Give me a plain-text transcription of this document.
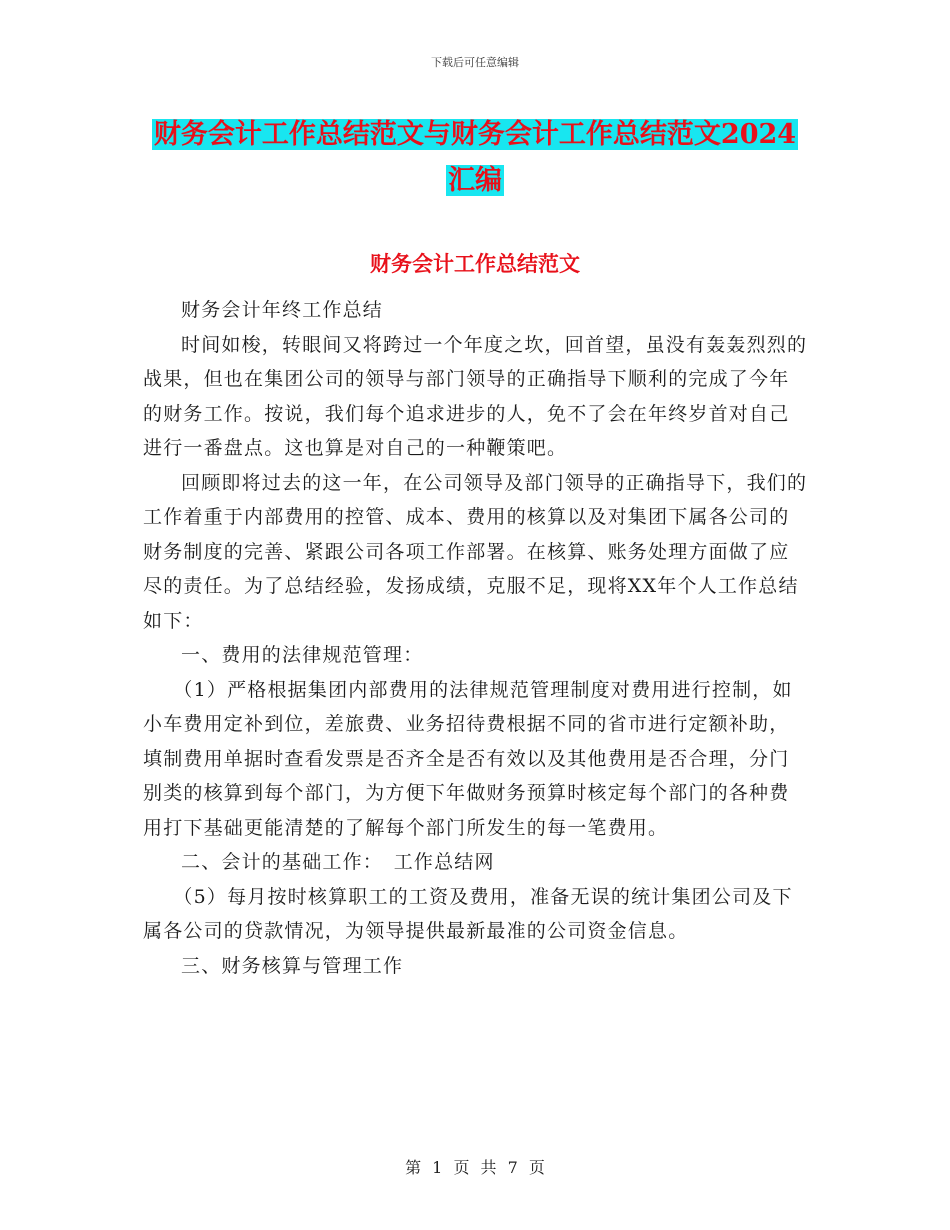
下载后可任意编辑
财务会计工作总结范文与财务会计工作总结范文2024
汇编
财务会计工作总结范文

财务会计年终工作总结

时间如梭，转眼间又将跨过一个年度之坎，回首望，虽没有轰轰烈烈的战果，但也在集团公司的领导与部门领导的正确指导下顺利的完成了今年的财务工作。按说，我们每个追求进步的人，免不了会在年终岁首对自己进行一番盘点。这也算是对自己的一种鞭策吧。

回顾即将过去的这一年，在公司领导及部门领导的正确指导下，我们的工作着重于内部费用的控管、成本、费用的核算以及对集团下属各公司的财务制度的完善、紧跟公司各项工作部署。在核算、账务处理方面做了应尽的责任。为了总结经验，发扬成绩，克服不足，现将XX年个人工作总结如下：

一、费用的法律规范管理：

（1）严格根据集团内部费用的法律规范管理制度对费用进行控制，如小车费用定补到位，差旅费、业务招待费根据不同的省市进行定额补助，填制费用单据时查看发票是否齐全是否有效以及其他费用是否合理，分门别类的核算到每个部门，为方便下年做财务预算时核定每个部门的各种费用打下基础更能清楚的了解每个部门所发生的每一笔费用。

二、会计的基础工作：　工作总结网

（5）每月按时核算职工的工资及费用，准备无误的统计集团公司及下属各公司的贷款情况，为领导提供最新最准的公司资金信息。

三、财务核算与管理工作

第 1 页 共 7 页
